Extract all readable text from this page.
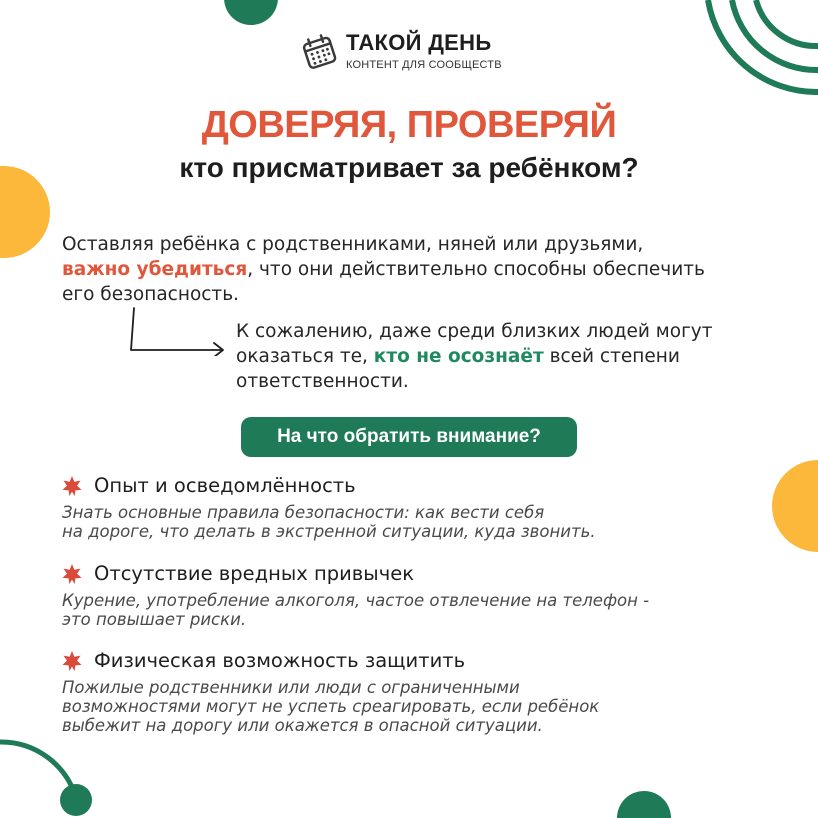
ТАКОЙ ДЕНЬ
КОНТЕНТ ДЛЯ СООБЩЕСТВ
ДОВЕРЯЯ, ПРОВЕРЯЙ
кто присматривает за ребёнком?
Оставляя ребёнка с родственниками, няней или друзьями,
важно убедиться, что они действительно способны обеспечить его безопасность.
К сожалению, даже среди близких людей могут оказаться те, кто не осознаёт всей степени ответственности.
На что обратить внимание?
Опыт и осведомлённость
Знать основные правила безопасности: как вести себя
на дороге, что делать в экстренной ситуации, куда звонить.
Отсутствие вредных привычек
Курение, употребление алкоголя, частое отвлечение на телефон -
это повышает риски.
Физическая возможность защитить
Пожилые родственники или люди с ограниченными
возможностями могут не успеть среагировать, если ребёнок
выбежит на дорогу или окажется в опасной ситуации.
